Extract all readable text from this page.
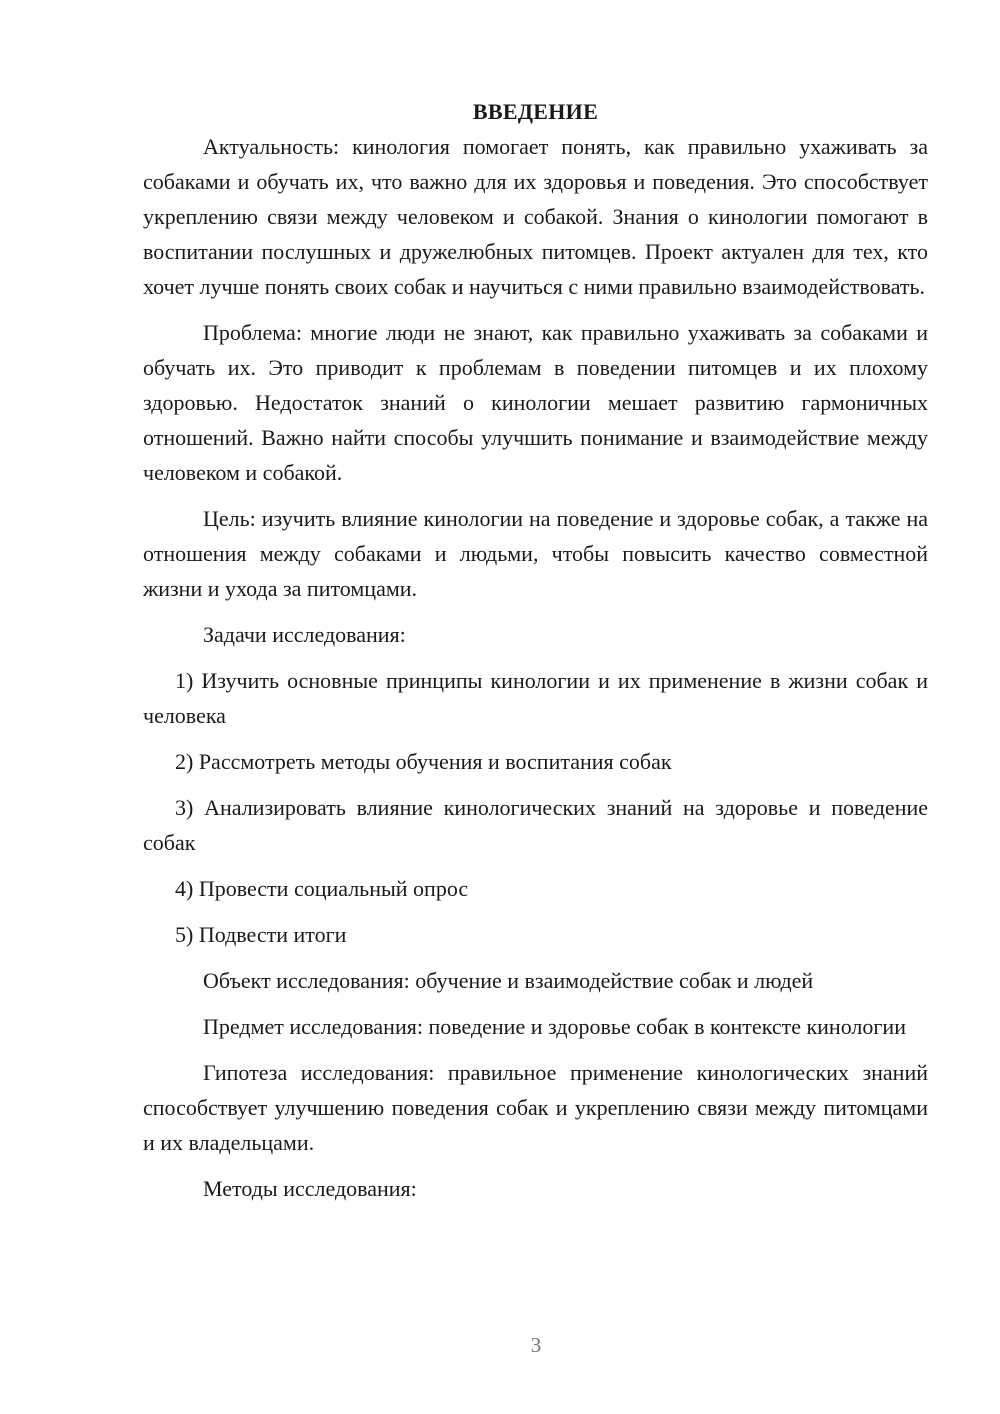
ВВЕДЕНИЕ

Актуальность: кинология помогает понять, как правильно ухаживать за собаками и обучать их, что важно для их здоровья и поведения. Это способствует укреплению связи между человеком и собакой. Знания о кинологии помогают в воспитании послушных и дружелюбных питомцев. Проект актуален для тех, кто хочет лучше понять своих собак и научиться с ними правильно взаимодействовать.

Проблема: многие люди не знают, как правильно ухаживать за собаками и обучать их. Это приводит к проблемам в поведении питомцев и их плохому здоровью. Недостаток знаний о кинологии мешает развитию гармоничных отношений. Важно найти способы улучшить понимание и взаимодействие между человеком и собакой.

Цель: изучить влияние кинологии на поведение и здоровье собак, а также на отношения между собаками и людьми, чтобы повысить качество совместной жизни и ухода за питомцами.

Задачи исследования:

1) Изучить основные принципы кинологии и их применение в жизни собак и человека

2) Рассмотреть методы обучения и воспитания собак

3) Анализировать влияние кинологических знаний на здоровье и поведение собак

4) Провести социальный опрос

5) Подвести итоги

Объект исследования: обучение и взаимодействие собак и людей

Предмет исследования: поведение и здоровье собак в контексте кинологии

Гипотеза исследования: правильное применение кинологических знаний способствует улучшению поведения собак и укреплению связи между питомцами и их владельцами.

Методы исследования:

3
